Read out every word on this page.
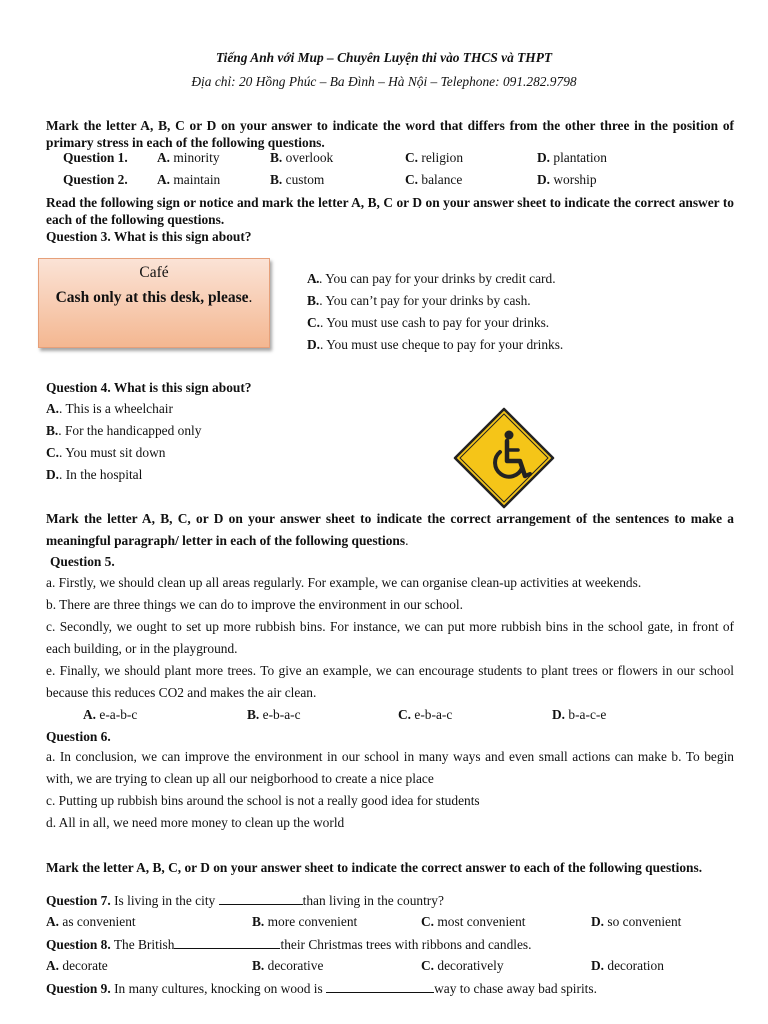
Tiếng Anh với Mup – Chuyên Luyện thi vào THCS và THPT
Địa chỉ: 20 Hồng Phúc – Ba Đình – Hà Nội – Telephone: 091.282.9798
Mark the letter A, B, C or D on your answer to indicate the word that differs from the other three in the position of primary stress in each of the following questions.
Question 1. A. minority	B. overlook	C. religion	D. plantation
Question 2. A. maintain	B. custom	C. balance	D. worship
Read the following sign or notice and mark the letter A, B, C or D on your answer sheet to indicate the correct answer to each of the following questions.
Question 3. What is this sign about?
Café
Cash only at this desk, please.
A.. You can pay for your drinks by credit card.
B.. You can’t pay for your drinks by cash.
C.. You must use cash to pay for your drinks.
D.. You must use cheque to pay for your drinks.
Question 4. What is this sign about?
A.. This is a wheelchair
B.. For the handicapped only
C.. You must sit down
D.. In the hospital
Mark the letter A, B, C, or D on your answer sheet to indicate the correct arrangement of the sentences to make a meaningful paragraph/ letter in each of the following questions.
Question 5.
a. Firstly, we should clean up all areas regularly. For example, we can organise clean-up activities at weekends.
b. There are three things we can do to improve the environment in our school.
c. Secondly, we ought to set up more rubbish bins. For instance, we can put more rubbish bins in the school gate, in front of each building, or in the playground.
e. Finally, we should plant more trees. To give an example, we can encourage students to plant trees or flowers in our school because this reduces CO2 and makes the air clean.
A. e-a-b-c	B. e-b-a-c	C. e-b-a-c	D. b-a-c-e
Question 6.
a. In conclusion, we can improve the environment in our school in many ways and even small actions can make b. To begin with, we are trying to clean up all our neigborhood to create a nice place
c. Putting up rubbish bins around the school is not a really good idea for students
d. All in all, we need more money to clean up the world
Mark the letter A, B, C, or D on your answer sheet to indicate the correct answer to each of the following questions.
Question 7. Is living in the city	than living in the country?
A. as convenient	B. more convenient	C. most convenient	D. so convenient
Question 8. The British	their Christmas trees with ribbons and candles.
A. decorate	B. decorative	C. decoratively	D. decoration
Question 9. In many cultures, knocking on wood is	way to chase away bad spirits.
